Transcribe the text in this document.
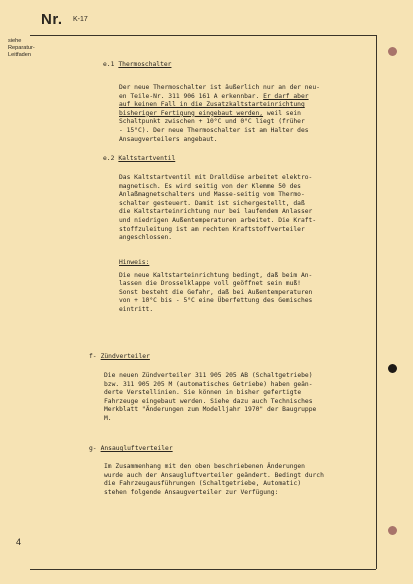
Nr. K-17
siehe
Reparatur-
Leitfaden
e.1 Thermoschalter

Der neue Thermoschalter ist äußerlich nur an der neu-

en Teile-Nr. 311 906 161 A erkennbar. Er darf aber

auf keinen Fall in die Zusatzkaltstarteinrichtung

bisheriger Fertigung eingebaut werden, weil sein

Schaltpunkt zwischen + 10°C und 0°C liegt (früher

- 15°C). Der neue Thermoschalter ist am Halter des

Ansaugverteilers angebaut.

e.2 Kaltstartventil

Das Kaltstartventil mit Dralldüse arbeitet elektro-

magnetisch. Es wird seitig von der Klemme 50 des

Anlaßmagnetschalters und Masse-seitig vom Thermo-

schalter gesteuert. Damit ist sichergestellt, daß

die Kaltstarteinrichtung nur bei laufendem Anlasser

und niedrigen Außentemperaturen arbeitet. Die Kraft-

stoffzuleitung ist am rechten Kraftstoffverteiler

angeschlossen.

Hinweis:

Die neue Kaltstarteinrichtung bedingt, daß beim An-

lassen die Drosselklappe voll geöffnet sein muß!

Sonst besteht die Gefahr, daß bei Außentemperaturen

von + 10°C bis - 5°C eine Überfettung des Gemisches

eintritt.

f- Zündverteiler

Die neuen Zündverteiler 311 905 205 AB (Schaltgetriebe)

bzw. 311 905 205 M (automatisches Getriebe) haben geän-

derte Verstellinien. Sie können in bisher gefertigte

Fahrzeuge eingebaut werden. Siehe dazu auch Technisches

Merkblatt "Änderungen zum Modelljahr 1970" der Baugruppe

M.

g- Ansaugluftverteiler

Im Zusammenhang mit den oben beschriebenen Änderungen

wurde auch der Ansaugluftverteiler geändert. Bedingt durch

die Fahrzeugausführungen (Schaltgetriebe, Automatic)

stehen folgende Ansaugverteiler zur Verfügung:

4
